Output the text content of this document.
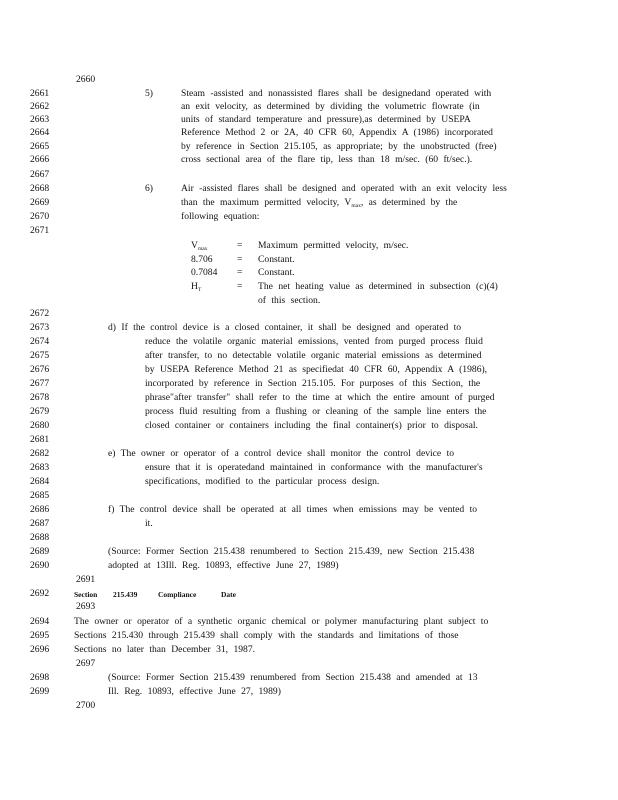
2660
2661
2662
2663
2664
2665
2666
2667
2668
2669
2670
2671
2672
2673
2674
2675
2676
2677
2678
2679
2680
2681
2682
2683
2684
2685
2686
2687
2688
2689
2690
2691
2692
2693
2694
2695
2696
2697
2698
2699
2700
5)	Steam -assisted and nonassisted flares shall be designedand operated with
an exit velocity, as determined by dividing the volumetric flowrate (in
units of standard temperature and pressure),as determined by USEPA
Reference Method 2 or 2A, 40 CFR 60, Appendix A (1986) incorporated
by reference in Section 215.105, as appropriate; by the unobstructed (free)
cross sectional area of the flare tip, less than 18 m/sec. (60 ft/sec.).
6)	Air -assisted flares shall be designed and operated with an exit velocity less
than the maximum permitted velocity, $V_{max}$, as determined by the
following equation:
$V_{max}$	= Maximum permitted velocity, m/sec.
8.706	= Constant.
0.7084 = Constant.
$H_T$	= The net heating value as determined in subsection (c)(4)
of this section.
d) If the control device is a closed container, it shall be designed and operated to
reduce the volatile organic material emissions, vented from purged process fluid
after transfer, to no detectable volatile organic material emissions as determined
by USEPA Reference Method 21 as specifiedat 40 CFR 60, Appendix A (1986),
incorporated by reference in Section 215.105. For purposes of this Section, the
phrase"after transfer" shall refer to the time at which the entire amount of purged
process fluid resulting from a flushing or cleaning of the sample line enters the
closed container or containers including the final container(s) prior to disposal.
e) The owner or operator of a control device shall monitor the control device to
ensure that it is operatedand maintained in conformance with the manufacturer's
specifications, modified to the particular process design.
f) The control device shall be operated at all times when emissions may be vented to
it.
(Source: Former Section 215.438 renumbered to Section 215.439, new Section 215.438
adopted at 13Ill. Reg. 10893, effective June 27, 1989)
Section 215.439	Compliance	Date
The owner or operator of a synthetic organic chemical or polymer manufacturing plant subject to
Sections 215.430 through 215.439 shall comply with the standards and limitations of those
Sections no later than December 31, 1987.
(Source: Former Section 215.439 renumbered from Section 215.438 and amended at 13
Ill. Reg. 10893, effective June 27, 1989)
